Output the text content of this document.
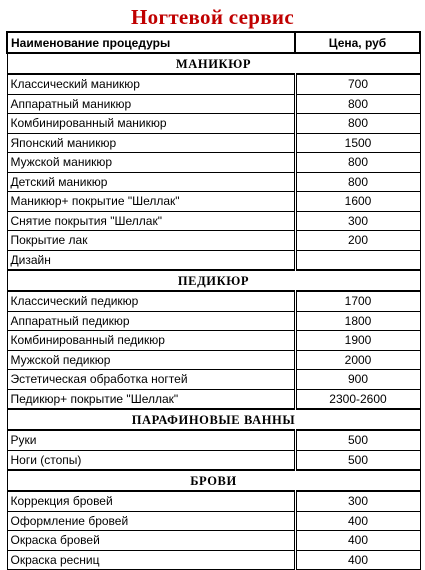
Ногтевой сервис
Наименование процедуры	Цена, руб
МАНИКЮР	
Классический маникюр	700
Аппаратный маникюр	800
Комбинированный маникюр	800
Японский маникюр	1500
Мужской маникюр	800
Детский маникюр	800
Маникюр+ покрытие "Шеллак"	1600
Снятие покрытия "Шеллак"	300
Покрытие лак	200
Дизайн	
ПЕДИКЮР	
Классический педикюр	1700
Аппаратный педикюр	1800
Комбинированный педикюр	1900
Мужской педикюр	2000
Эстетическая обработка ногтей	900
Педикюр+ покрытие "Шеллак"	2300-2600
ПАРАФИНОВЫЕ ВАННЫ	
Руки	500
Ноги (стопы)	500
БРОВИ	
Коррекция бровей	300
Оформление бровей	400
Окраска бровей	400
Окраска ресниц	400
